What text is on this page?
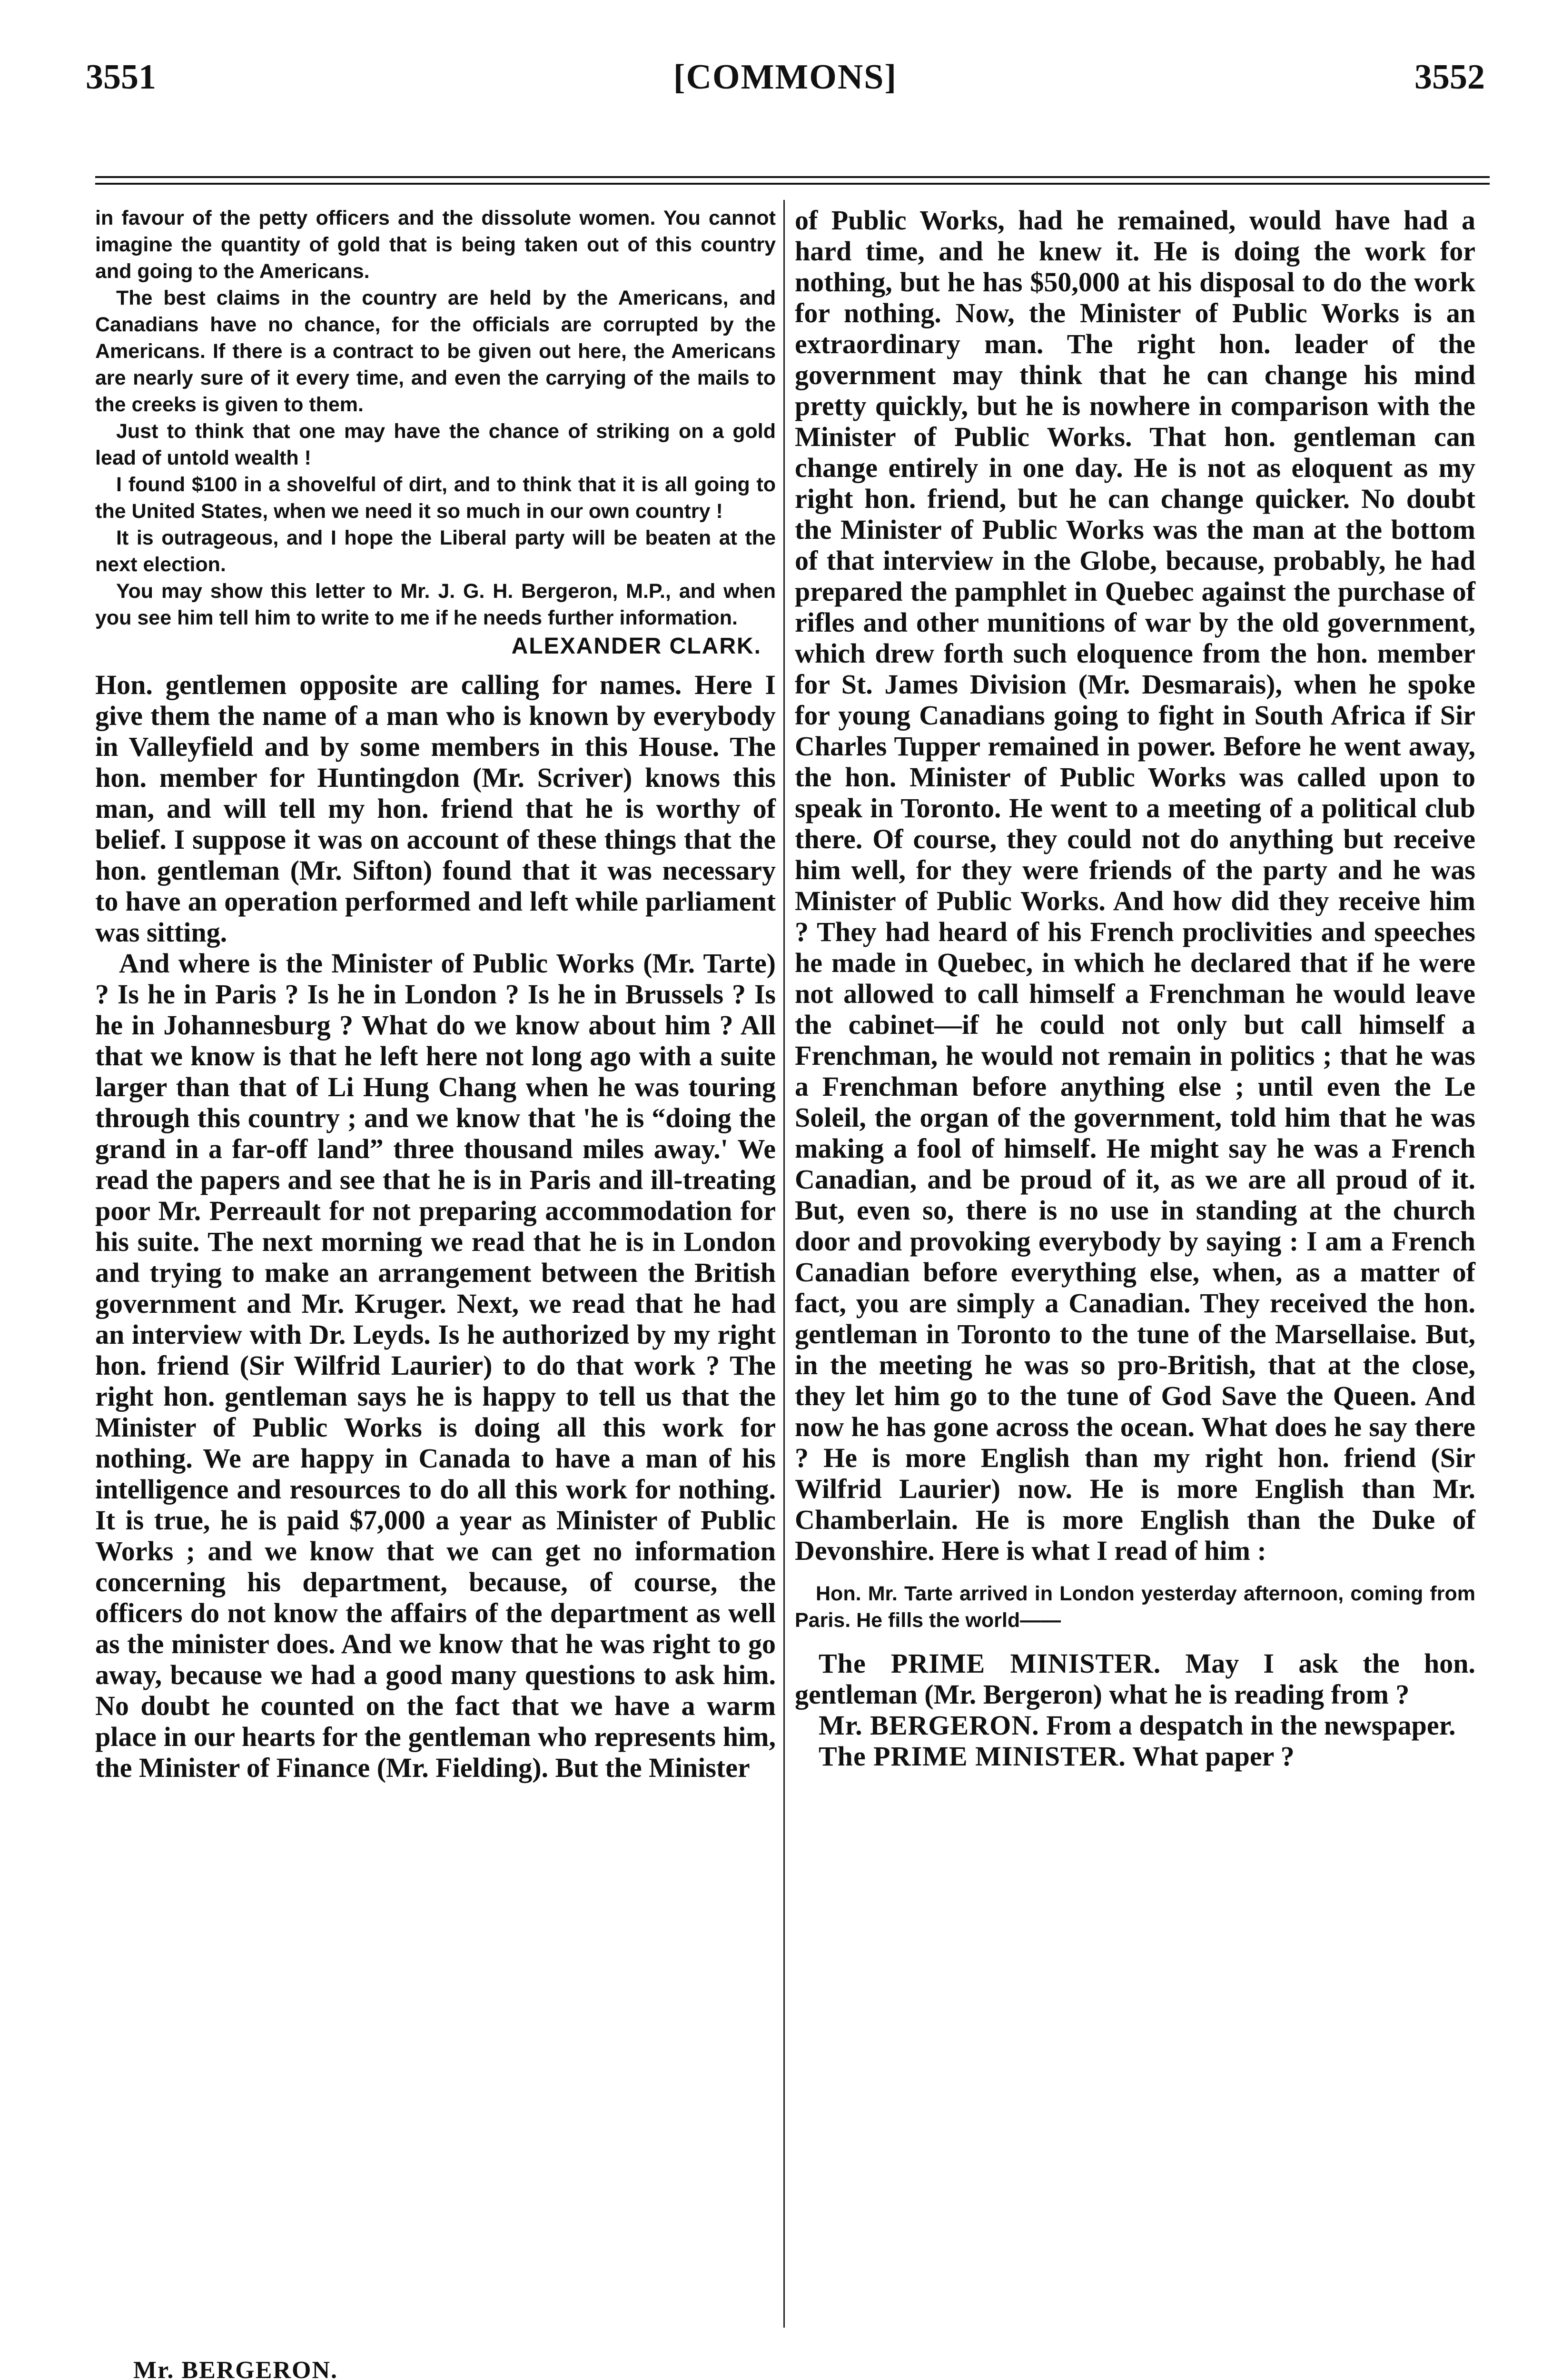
3551	[COMMONS]	3552

in favour of the petty officers and the dissolute women. You cannot imagine the quantity of gold that is being taken out of this country and going to the Americans.

The best claims in the country are held by the Americans, and Canadians have no chance, for the officials are corrupted by the Americans. If there is a contract to be given out here, the Americans are nearly sure of it every time, and even the carrying of the mails to the creeks is given to them.

Just to think that one may have the chance of striking on a gold lead of untold wealth !

I found $100 in a shovelful of dirt, and to think that it is all going to the United States, when we need it so much in our own country !

It is outrageous, and I hope the Liberal party will be beaten at the next election.

You may show this letter to Mr. J. G. H. Bergeron, M.P., and when you see him tell him to write to me if he needs further information.

ALEXANDER CLARK.

Hon. gentlemen opposite are calling for names. Here I give them the name of a man who is known by everybody in Valleyfield and by some members in this House. The hon. member for Huntingdon (Mr. Scriver) knows this man, and will tell my hon. friend that he is worthy of belief. I suppose it was on account of these things that the hon. gentleman (Mr. Sifton) found that it was necessary to have an operation performed and left while parliament was sitting.

And where is the Minister of Public Works (Mr. Tarte) ? Is he in Paris ? Is he in London ? Is he in Brussels ? Is he in Johannesburg ? What do we know about him ? All that we know is that he left here not long ago with a suite larger than that of Li Hung Chang when he was touring through this country ; and we know that 'he is “doing the grand in a far-off land” three thousand miles away.' We read the papers and see that he is in Paris and ill-treating poor Mr. Perreault for not preparing accommodation for his suite. The next morning we read that he is in London and trying to make an arrangement between the British government and Mr. Kruger. Next, we read that he had an interview with Dr. Leyds. Is he authorized by my right hon. friend (Sir Wilfrid Laurier) to do that work ? The right hon. gentleman says he is happy to tell us that the Minister of Public Works is doing all this work for nothing. We are happy in Canada to have a man of his intelligence and resources to do all this work for nothing. It is true, he is paid $7,000 a year as Minister of Public Works ; and we know that we can get no information concerning his department, because, of course, the officers do not know the affairs of the department as well as the minister does. And we know that he was right to go away, because we had a good many questions to ask him. No doubt he counted on the fact that we have a warm place in our hearts for the gentleman who represents him, the Minister of Finance (Mr. Fielding). But the Minister

of Public Works, had he remained, would have had a hard time, and he knew it. He is doing the work for nothing, but he has $50,000 at his disposal to do the work for nothing. Now, the Minister of Public Works is an extraordinary man. The right hon. leader of the government may think that he can change his mind pretty quickly, but he is nowhere in comparison with the Minister of Public Works. That hon. gentleman can change entirely in one day. He is not as eloquent as my right hon. friend, but he can change quicker. No doubt the Minister of Public Works was the man at the bottom of that interview in the Globe, because, probably, he had prepared the pamphlet in Quebec against the purchase of rifles and other munitions of war by the old government, which drew forth such eloquence from the hon. member for St. James Division (Mr. Desmarais), when he spoke for young Canadians going to fight in South Africa if Sir Charles Tupper remained in power. Before he went away, the hon. Minister of Public Works was called upon to speak in Toronto. He went to a meeting of a political club there. Of course, they could not do anything but receive him well, for they were friends of the party and he was Minister of Public Works. And how did they receive him ? They had heard of his French proclivities and speeches he made in Quebec, in which he declared that if he were not allowed to call himself a Frenchman he would leave the cabinet—if he could not only but call himself a Frenchman, he would not remain in politics ; that he was a Frenchman before anything else ; until even the Le Soleil, the organ of the government, told him that he was making a fool of himself. He might say he was a French Canadian, and be proud of it, as we are all proud of it. But, even so, there is no use in standing at the church door and provoking everybody by saying : I am a French Canadian before everything else, when, as a matter of fact, you are simply a Canadian. They received the hon. gentleman in Toronto to the tune of the Marsellaise. But, in the meeting he was so pro-British, that at the close, they let him go to the tune of God Save the Queen. And now he has gone across the ocean. What does he say there ? He is more English than my right hon. friend (Sir Wilfrid Laurier) now. He is more English than Mr. Chamberlain. He is more English than the Duke of Devonshire. Here is what I read of him :

Hon. Mr. Tarte arrived in London yesterday afternoon, coming from Paris. He fills the world——

The PRIME MINISTER. May I ask the hon. gentleman (Mr. Bergeron) what he is reading from ?

Mr. BERGERON. From a despatch in the newspaper.

The PRIME MINISTER. What paper ?

Mr. BERGERON.
